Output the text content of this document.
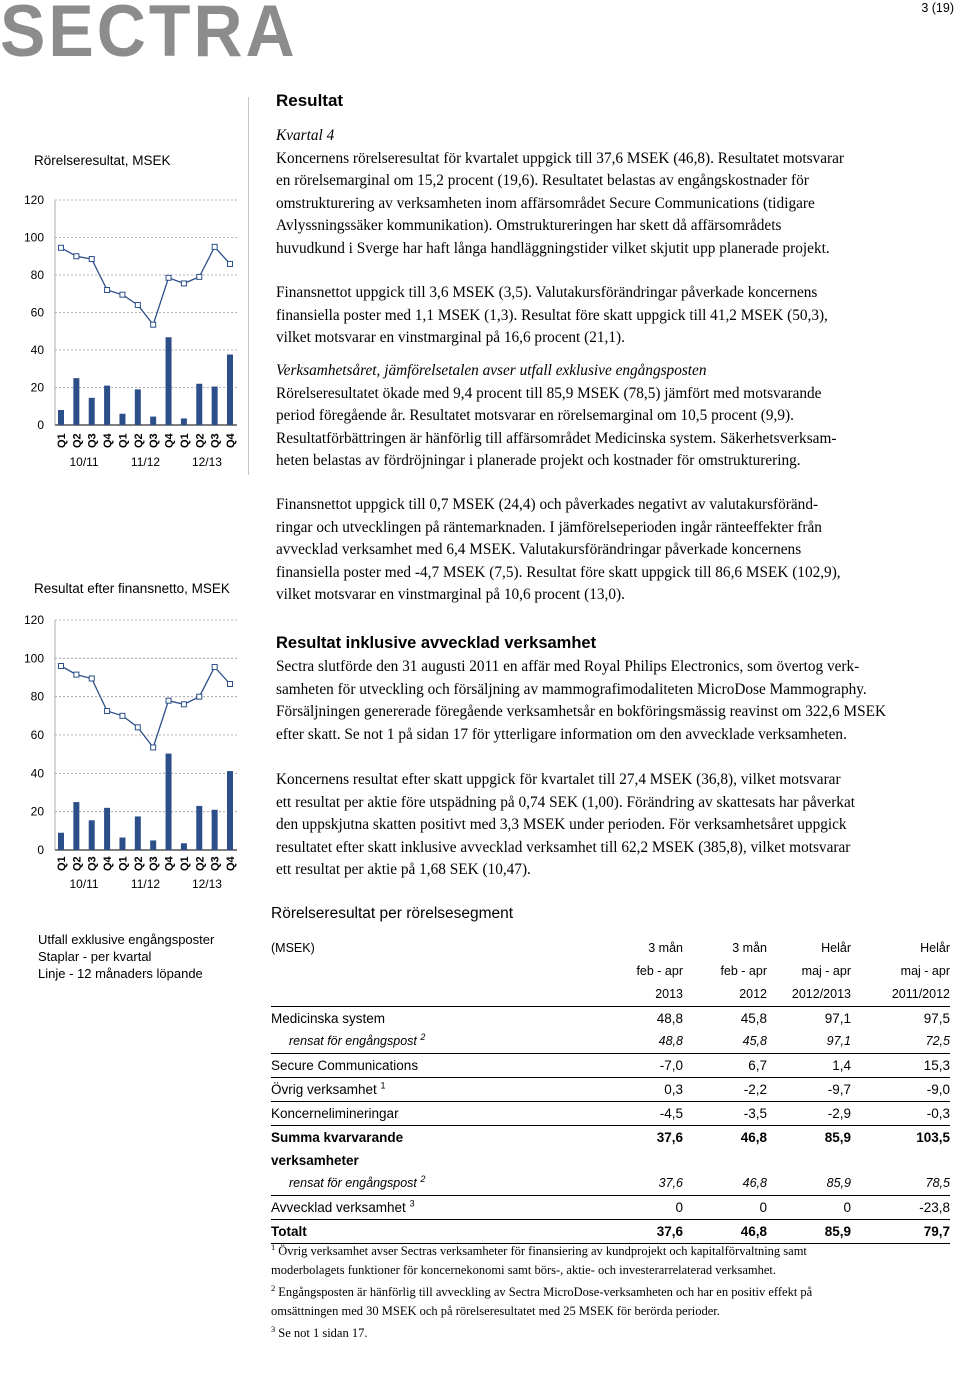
SECTRA	3 (19)
Rörelseresultat, MSEK
0
20
40
60
80
100
120
Q1 Q2 Q3 Q4 Q1 Q2 Q3 Q4 Q1 Q2 Q3 Q4
10/11	11/12	12/13
Resultat efter finansnetto, MSEK
0
20
40
60
80
100
120
Q1 Q2 Q3 Q4 Q1 Q2 Q3 Q4 Q1 Q2 Q3 Q4
10/11	11/12	12/13
Utfall exklusive engångsposter
Staplar - per kvartal
Linje - 12 månaders löpande
Resultat
Kvartal 4
Koncernens rörelseresultat för kvartalet uppgick till 37,6 MSEK (46,8). Resultatet motsvarar
en rörelsemarginal om 15,2 procent (19,6). Resultatet belastas av engångskostnader för
omstrukturering av verksamheten inom affärsområdet Secure Communications (tidigare
Avlyssningssäker kommunikation). Omstruktureringen har skett då affärsområdets
huvudkund i Sverge har haft långa handläggningstider vilket skjutit upp planerade projekt.
Finansnettot uppgick till 3,6 MSEK (3,5). Valutakursförändringar påverkade koncernens
finansiella poster med 1,1 MSEK (1,3). Resultat före skatt uppgick till 41,2 MSEK (50,3),
vilket motsvarar en vinstmarginal på 16,6 procent (21,1).
Verksamhetsåret, jämförelsetalen avser utfall exklusive engångsposten
Rörelseresultatet ökade med 9,4 procent till 85,9 MSEK (78,5) jämfört med motsvarande
period föregående år. Resultatet motsvarar en rörelsemarginal om 10,5 procent (9,9).
Resultatförbättringen är hänförlig till affärsområdet Medicinska system. Säkerhetsverksam-
heten belastas av fördröjningar i planerade projekt och kostnader för omstrukturering.
Finansnettot uppgick till 0,7 MSEK (24,4) och påverkades negativt av valutakursföränd-
ringar och utvecklingen på räntemarknaden. I jämförelseperioden ingår ränteeffekter från
avvecklad verksamhet med 6,4 MSEK. Valutakursförändringar påverkade koncernens
finansiella poster med -4,7 MSEK (7,5). Resultat före skatt uppgick till 86,6 MSEK (102,9),
vilket motsvarar en vinstmarginal på 10,6 procent (13,0).
Resultat inklusive avvecklad verksamhet
Sectra slutförde den 31 augusti 2011 en affär med Royal Philips Electronics, som övertog verk-
samheten för utveckling och försäljning av mammografimodaliteten MicroDose Mammography.
Försäljningen genererade föregående verksamhetsår en bokföringsmässig reavinst om 322,6 MSEK
efter skatt. Se not 1 på sidan 17 för ytterligare information om den avvecklade verksamheten.
Koncernens resultat efter skatt uppgick för kvartalet till 27,4 MSEK (36,8), vilket motsvarar
ett resultat per aktie före utspädning på 0,74 SEK (1,00). Förändring av skattesats har påverkat
den uppskjutna skatten positivt med 3,3 MSEK under perioden. För verksamhetsåret uppgick
resultatet efter skatt inklusive avvecklad verksamhet till 62,2 MSEK (385,8), vilket motsvarar
ett resultat per aktie på 1,68 SEK (10,47).
Rörelseresultat per rörelsesegment
(MSEK)	3 mån	3 mån	Helår	Helår
	feb - apr	feb - apr	maj - apr	maj - apr
	2013	2012	2012/2013	2011/2012
Medicinska system	48,8	45,8	97,1	97,5
rensat för engångspost $^2$	48,8	45,8	97,1	72,5
Secure Communications	-7,0	6,7	1,4	15,3
Övrig verksamhet $^1$	0,3	-2,2	-9,7	-9,0
Koncernelimineringar	-4,5	-3,5	-2,9	-0,3
Summa kvarvarande verksamheter	37,6	46,8	85,9	103,5
rensat för engångspost $^2$	37,6	46,8	85,9	78,5
Avvecklad verksamhet $^3$	0	0	0	-23,8
Totalt	37,6	46,8	85,9	79,7
$^1$ Övrig verksamhet avser Sectras verksamheter för finansiering av kundprojekt och kapitalförvaltning samt
moderbolagets funktioner för koncernekonomi samt börs-, aktie- och investerarrelaterad verksamhet.
$^2$ Engångsposten är hänförlig till avveckling av Sectra MicroDose-verksamheten och har en positiv effekt på
omsättningen med 30 MSEK och på rörelseresultatet med 25 MSEK för berörda perioder.
$^3$ Se not 1 sidan 17.
